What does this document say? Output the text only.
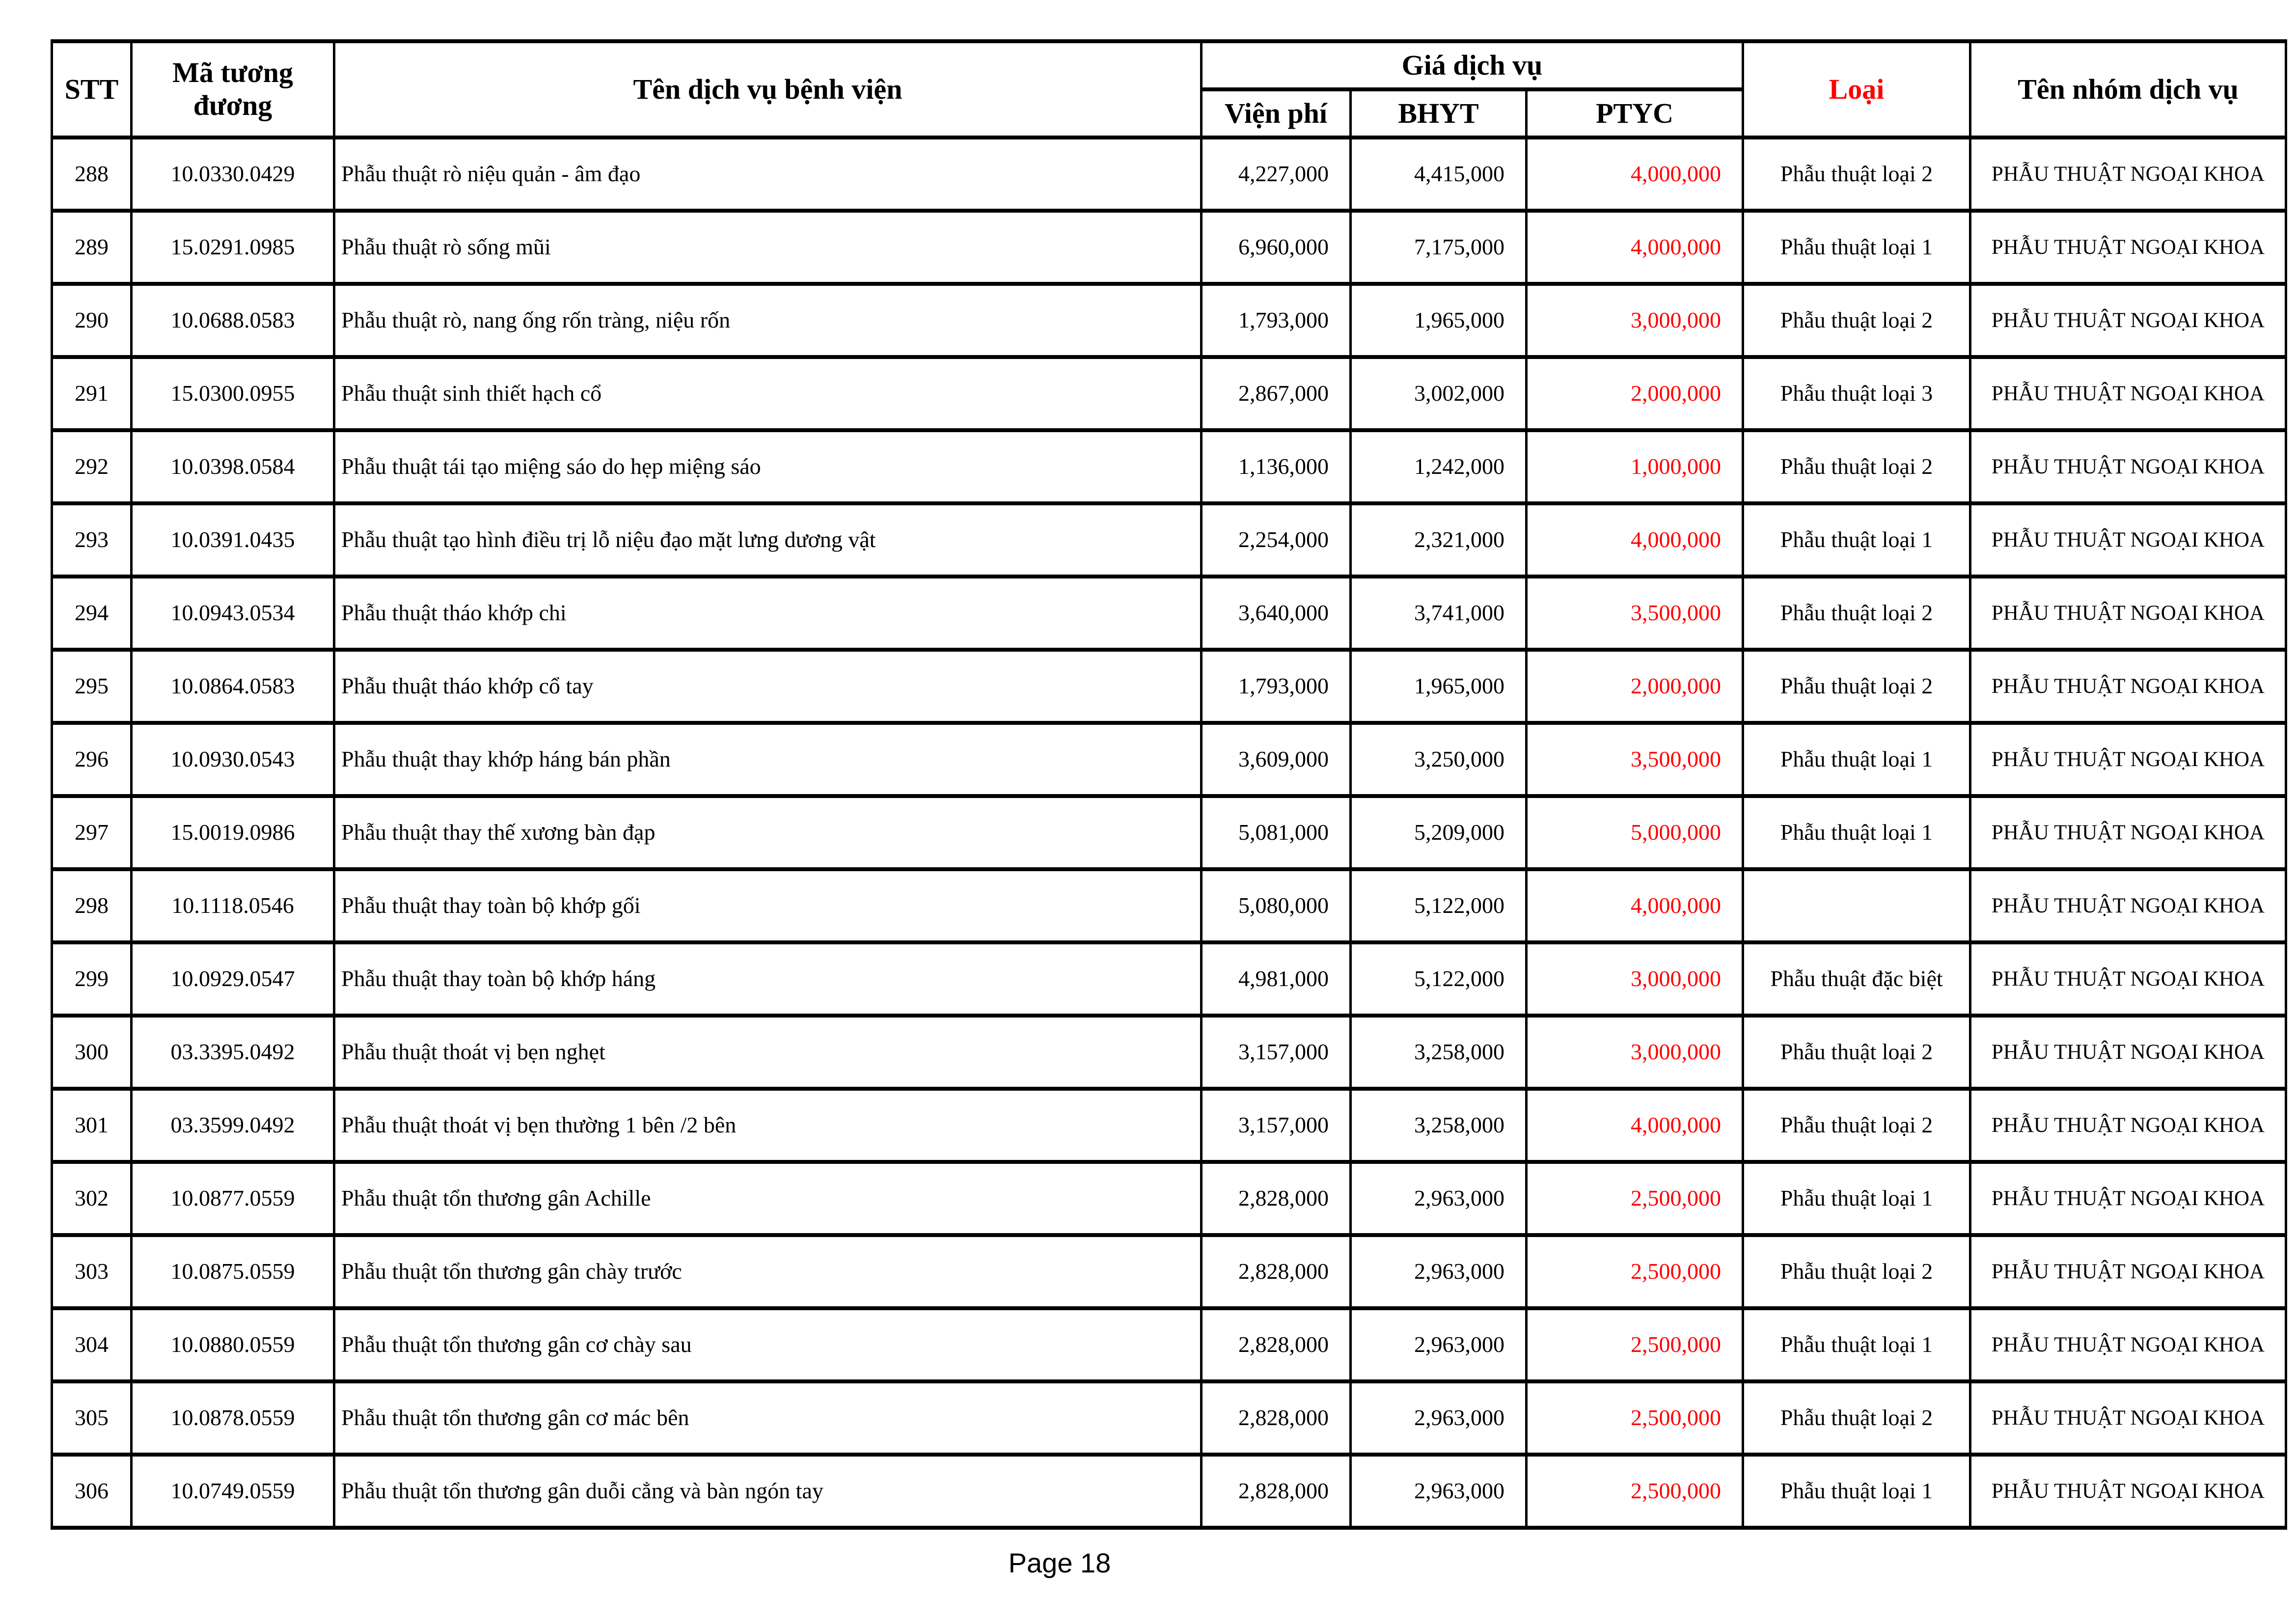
STT	Mã tương đương	Tên dịch vụ bệnh viện	Giá dịch vụ			Loại	Tên nhóm dịch vụ
			Viện phí	BHYT	PTYC		
288	10.0330.0429	Phẫu thuật rò niệu quản - âm đạo	4,227,000	4,415,000	4,000,000	Phẫu thuật loại 2	PHẪU THUẬT NGOẠI KHOA
289	15.0291.0985	Phẫu thuật rò sống mũi	6,960,000	7,175,000	4,000,000	Phẫu thuật loại 1	PHẪU THUẬT NGOẠI KHOA
290	10.0688.0583	Phẫu thuật rò, nang ống rốn tràng, niệu rốn	1,793,000	1,965,000	3,000,000	Phẫu thuật loại 2	PHẪU THUẬT NGOẠI KHOA
291	15.0300.0955	Phẫu thuật sinh thiết hạch cổ	2,867,000	3,002,000	2,000,000	Phẫu thuật loại 3	PHẪU THUẬT NGOẠI KHOA
292	10.0398.0584	Phẫu thuật tái tạo miệng sáo do hẹp miệng sáo	1,136,000	1,242,000	1,000,000	Phẫu thuật loại 2	PHẪU THUẬT NGOẠI KHOA
293	10.0391.0435	Phẫu thuật tạo hình điều trị lỗ niệu đạo mặt lưng dương vật	2,254,000	2,321,000	4,000,000	Phẫu thuật loại 1	PHẪU THUẬT NGOẠI KHOA
294	10.0943.0534	Phẫu thuật tháo khớp chi	3,640,000	3,741,000	3,500,000	Phẫu thuật loại 2	PHẪU THUẬT NGOẠI KHOA
295	10.0864.0583	Phẫu thuật tháo khớp cổ tay	1,793,000	1,965,000	2,000,000	Phẫu thuật loại 2	PHẪU THUẬT NGOẠI KHOA
296	10.0930.0543	Phẫu thuật thay khớp háng bán phần	3,609,000	3,250,000	3,500,000	Phẫu thuật loại 1	PHẪU THUẬT NGOẠI KHOA
297	15.0019.0986	Phẫu thuật thay thế xương bàn đạp	5,081,000	5,209,000	5,000,000	Phẫu thuật loại 1	PHẪU THUẬT NGOẠI KHOA
298	10.1118.0546	Phẫu thuật thay toàn bộ khớp gối	5,080,000	5,122,000	4,000,000		PHẪU THUẬT NGOẠI KHOA
299	10.0929.0547	Phẫu thuật thay toàn bộ khớp háng	4,981,000	5,122,000	3,000,000	Phẫu thuật đặc biệt	PHẪU THUẬT NGOẠI KHOA
300	03.3395.0492	Phẫu thuật thoát vị bẹn nghẹt	3,157,000	3,258,000	3,000,000	Phẫu thuật loại 2	PHẪU THUẬT NGOẠI KHOA
301	03.3599.0492	Phẫu thuật thoát vị bẹn thường 1 bên /2 bên	3,157,000	3,258,000	4,000,000	Phẫu thuật loại 2	PHẪU THUẬT NGOẠI KHOA
302	10.0877.0559	Phẫu thuật tổn thương gân Achille	2,828,000	2,963,000	2,500,000	Phẫu thuật loại 1	PHẪU THUẬT NGOẠI KHOA
303	10.0875.0559	Phẫu thuật tổn thương gân chày trước	2,828,000	2,963,000	2,500,000	Phẫu thuật loại 2	PHẪU THUẬT NGOẠI KHOA
304	10.0880.0559	Phẫu thuật tổn thương gân cơ chày sau	2,828,000	2,963,000	2,500,000	Phẫu thuật loại 1	PHẪU THUẬT NGOẠI KHOA
305	10.0878.0559	Phẫu thuật tổn thương gân cơ mác bên	2,828,000	2,963,000	2,500,000	Phẫu thuật loại 2	PHẪU THUẬT NGOẠI KHOA
306	10.0749.0559	Phẫu thuật tổn thương gân duỗi cẳng và bàn ngón tay	2,828,000	2,963,000	2,500,000	Phẫu thuật loại 1	PHẪU THUẬT NGOẠI KHOA
Page 18
